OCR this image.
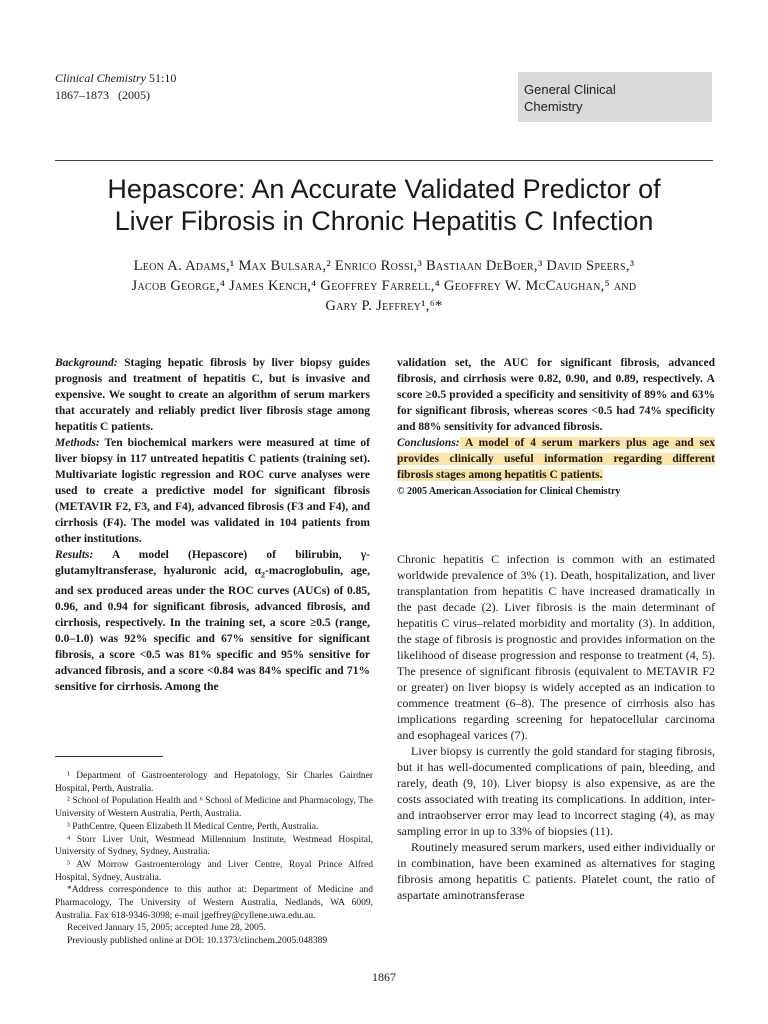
Clinical Chemistry 51:10
1867–1873   (2005)	General Clinical
Chemistry
Hepascore: An Accurate Validated Predictor of
Liver Fibrosis in Chronic Hepatitis C Infection
Leon A. Adams,¹ Max Bulsara,² Enrico Rossi,³ Bastiaan DeBoer,³ David Speers,³
Jacob George,⁴ James Kench,⁴ Geoffrey Farrell,⁴ Geoffrey W. McCaughan,⁵ and
Gary P. Jeffrey¹,⁶*

Background: Staging hepatic fibrosis by liver biopsy guides prognosis and treatment of hepatitis C, but is invasive and expensive. We sought to create an algorithm of serum markers that accurately and reliably predict liver fibrosis stage among hepatitis C patients.

Methods: Ten biochemical markers were measured at time of liver biopsy in 117 untreated hepatitis C patients (training set). Multivariate logistic regression and ROC curve analyses were used to create a predictive model for significant fibrosis (METAVIR F2, F3, and F4), advanced fibrosis (F3 and F4), and cirrhosis (F4). The model was validated in 104 patients from other institutions.

Results: A model (Hepascore) of bilirubin, γ-glutamyltransferase, hyaluronic acid, $\alpha_2$-macroglobulin, age, and sex produced areas under the ROC curves (AUCs) of 0.85, 0.96, and 0.94 for significant fibrosis, advanced fibrosis, and cirrhosis, respectively. In the training set, a score ≥0.5 (range, 0.0–1.0) was 92% specific and 67% sensitive for significant fibrosis, a score <0.5 was 81% specific and 95% sensitive for advanced fibrosis, and a score <0.84 was 84% specific and 71% sensitive for cirrhosis. Among the

validation set, the AUC for significant fibrosis, advanced fibrosis, and cirrhosis were 0.82, 0.90, and 0.89, respectively. A score ≥0.5 provided a specificity and sensitivity of 89% and 63% for significant fibrosis, whereas scores <0.5 had 74% specificity and 88% sensitivity for advanced fibrosis.

Conclusions: A model of 4 serum markers plus age and sex provides clinically useful information regarding different fibrosis stages among hepatitis C patients.

© 2005 American Association for Clinical Chemistry

Chronic hepatitis C infection is common with an estimated worldwide prevalence of 3% (1). Death, hospitalization, and liver transplantation from hepatitis C have increased dramatically in the past decade (2). Liver fibrosis is the main determinant of hepatitis C virus–related morbidity and mortality (3). In addition, the stage of fibrosis is prognostic and provides information on the likelihood of disease progression and response to treatment (4, 5). The presence of significant fibrosis (equivalent to METAVIR F2 or greater) on liver biopsy is widely accepted as an indication to commence treatment (6–8). The presence of cirrhosis also has implications regarding screening for hepatocellular carcinoma and esophageal varices (7).

Liver biopsy is currently the gold standard for staging fibrosis, but it has well-documented complications of pain, bleeding, and rarely, death (9, 10). Liver biopsy is also expensive, as are the costs associated with treating its complications. In addition, inter- and intraobserver error may lead to incorrect staging (4), as may sampling error in up to 33% of biopsies (11).

Routinely measured serum markers, used either individually or in combination, have been examined as alternatives for staging fibrosis among hepatitis C patients. Platelet count, the ratio of aspartate aminotransferase

¹ Department of Gastroenterology and Hepatology, Sir Charles Gairdner Hospital, Perth, Australia.

² School of Population Health and ⁶ School of Medicine and Pharmacology, The University of Western Australia, Perth, Australia.

³ PathCentre, Queen Elizabeth II Medical Centre, Perth, Australia.

⁴ Storr Liver Unit, Westmead Millennium Institute, Westmead Hospital, University of Sydney, Sydney, Australia.

⁵ AW Morrow Gastroenterology and Liver Centre, Royal Prince Alfred Hospital, Sydney, Australia.

*Address correspondence to this author at: Department of Medicine and Pharmacology, The University of Western Australia, Nedlands, WA 6009, Australia. Fax 618-9346-3098; e-mail jgeffrey@cyllene.uwa.edu.au.

Received January 15, 2005; accepted June 28, 2005.

Previously published online at DOI: 10.1373/clinchem.2005.048389

1867
